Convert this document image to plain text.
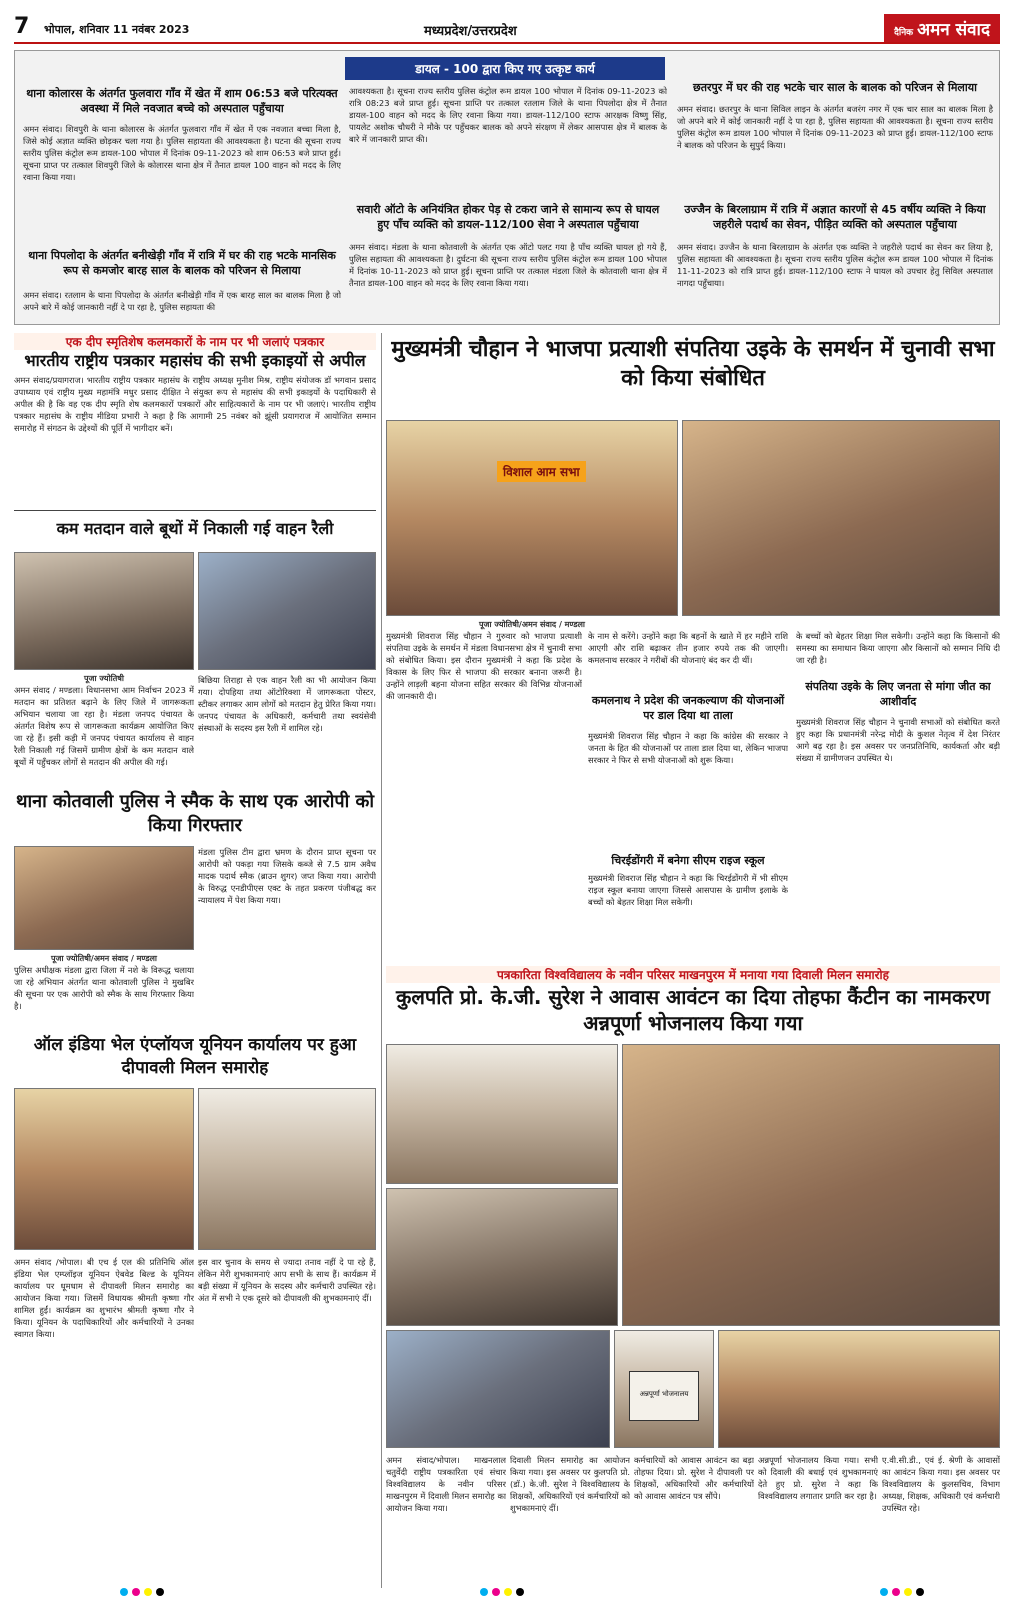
7 भोपाल, शनिवार 11 नवंबर 2023	मध्यप्रदेश/उत्तरप्रदेश	दैनिक अमन संवाद
डायल - 100 द्वारा किए गए उत्कृष्ट कार्य
थाना कोलारस के अंतर्गत फुलवारा गाँव में खेत में शाम 06:53 बजे परित्यक्त अवस्था में मिले नवजात बच्चे को अस्पताल पहुँचाया
अमन संवाद। शिवपुरी के थाना कोलारस के अंतर्गत फुलवारा गाँव में खेत में एक नवजात बच्चा मिला है, जिसे कोई अज्ञात व्यक्ति छोड़कर चला गया है। पुलिस सहायता की आवश्यकता है। घटना की सूचना राज्य स्तरीय पुलिस कंट्रोल रूम डायल-100 भोपाल में दिनांक 09-11-2023 को शाम 06:53 बजे प्राप्त हुई। सूचना प्राप्त पर तत्काल शिवपुरी जिले के कोलारस थाना क्षेत्र में तैनात डायल 100 वाहन को मदद के लिए रवाना किया गया।
थाना पिपलोदा के अंतर्गत बनीखेड़ी गाँव में रात्रि में घर की राह भटके मानसिक रूप से कमजोर बारह साल के बालक को परिजन से मिलाया
अमन संवाद। रतलाम के थाना पिपलोदा के अंतर्गत बनीखेड़ी गाँव में एक बारह साल का बालक मिला है जो अपने बारे में कोई जानकारी नहीं दे पा रहा है, पुलिस सहायता की
आवश्यकता है। सूचना राज्य स्तरीय पुलिस कंट्रोल रूम डायल 100 भोपाल में दिनांक 09-11-2023 को रात्रि 08:23 बजे प्राप्त हुई। सूचना प्राप्ति पर तत्काल रतलाम जिले के थाना पिपलोदा क्षेत्र में तैनात डायल-100 वाहन को मदद के लिए रवाना किया गया। डायल-112/100 स्टाफ आरक्षक विष्णु सिंह, पायलेट अशोक चौधरी ने मौके पर पहुँचकर बालक को अपने संरक्षण में लेकर आसपास क्षेत्र में बालक के बारे में जानकारी प्राप्त की।
सवारी ऑटो के अनियंत्रित होकर पेड़ से टकरा जाने से सामान्य रूप से घायल हुए पाँच व्यक्ति को डायल-112/100 सेवा ने अस्पताल पहुँचाया
अमन संवाद। मंडला के थाना कोतवाली के अंतर्गत एक ऑटो पलट गया है पाँच व्यक्ति घायल हो गये हैं, पुलिस सहायता की आवश्यकता है। दुर्घटना की सूचना राज्य स्तरीय पुलिस कंट्रोल रूम डायल 100 भोपाल में दिनांक 10-11-2023 को प्राप्त हुई। सूचना प्राप्ति पर तत्काल मंडला जिले के कोतवाली थाना क्षेत्र में तैनात डायल-100 वाहन को मदद के लिए रवाना किया गया।
छतरपुर में घर की राह भटके चार साल के बालक को परिजन से मिलाया
अमन संवाद। छतरपुर के थाना सिविल लाइन के अंतर्गत बजरंग नगर में एक चार साल का बालक मिला है जो अपने बारे में कोई जानकारी नहीं दे पा रहा है, पुलिस सहायता की आवश्यकता है। सूचना राज्य स्तरीय पुलिस कंट्रोल रूम डायल 100 भोपाल में दिनांक 09-11-2023 को प्राप्त हुई। डायल-112/100 स्टाफ ने बालक को परिजन के सुपुर्द किया।
उज्जैन के बिरलाग्राम में रात्रि में अज्ञात कारणों से 45 वर्षीय व्यक्ति ने किया जहरीले पदार्थ का सेवन, पीड़ित व्यक्ति को अस्पताल पहुँचाया
अमन संवाद। उज्जैन के थाना बिरलाग्राम के अंतर्गत एक व्यक्ति ने जहरीले पदार्थ का सेवन कर लिया है, पुलिस सहायता की आवश्यकता है। सूचना राज्य स्तरीय पुलिस कंट्रोल रूम डायल 100 भोपाल में दिनांक 11-11-2023 को रात्रि प्राप्त हुई। डायल-112/100 स्टाफ ने घायल को उपचार हेतु सिविल अस्पताल नागदा पहुँचाया।
एक दीप स्मृतिशेष कलमकारों के नाम पर भी जलाएं पत्रकार
भारतीय राष्ट्रीय पत्रकार महासंघ की सभी इकाइयों से अपील
अमन संवाद/प्रयागराज। भारतीय राष्ट्रीय पत्रकार महासंघ के राष्ट्रीय अध्यक्ष मुनीश मिश्र, राष्ट्रीय संयोजक डॉ भगवान प्रसाद उपाध्याय एवं राष्ट्रीय मुख्य महामंत्रि मधुर प्रसाद दीक्षित ने संयुक्त रूप से महासंघ की सभी इकाइयों के पदाधिकारी से अपील की है कि वह एक दीप स्मृति शेष कलमकारों पत्रकारों और साहित्यकारों के नाम पर भी जलाएं। भारतीय राष्ट्रीय पत्रकार महासंघ के राष्ट्रीय मीडिया प्रभारी ने कहा है कि आगामी 25 नवंबर को झूंसी प्रयागराज में आयोजित सम्मान समारोह में संगठन के उद्देश्यों की पूर्ति में भागीदार बनें।
कम मतदान वाले बूथों में निकाली गई वाहन रैली
पूजा ज्योतिषी
अमन संवाद / मण्डला। विधानसभा आम निर्वाचन 2023 में मतदान का प्रतिशत बढ़ाने के लिए जिले में जागरूकता अभियान चलाया जा रहा है। मंडला जनपद पंचायत के अंतर्गत विशेष रूप से जागरूकता कार्यक्रम आयोजित किए जा रहे हैं। इसी कड़ी में जनपद पंचायत कार्यालय से वाहन रैली निकाली गई जिसमें ग्रामीण क्षेत्रों के कम मतदान वाले बूथों में पहुँचकर लोगों से मतदान की अपील की गई।
बिछिया तिराहा से एक वाहन रैली का भी आयोजन किया गया। दोपहिया तथा ऑटोरिक्शा में जागरूकता पोस्टर, स्टीकर लगाकर आम लोगों को मतदान हेतु प्रेरित किया गया। जनपद पंचायत के अधिकारी, कर्मचारी तथा स्वयंसेवी संस्थाओं के सदस्य इस रैली में शामिल रहे।
थाना कोतवाली पुलिस ने स्मैक के साथ एक आरोपी को किया गिरफ्तार
पूजा ज्योतिषी/अमन संवाद / मण्डला
पुलिस अधीक्षक मंडला द्वारा जिला में नशे के विरूद्ध चलाया जा रहे अभियान अंतर्गत थाना कोतवाली पुलिस ने मुखबिर की सूचना पर एक आरोपी को स्मैक के साथ गिरफ्तार किया है।
मंडला पुलिस टीम द्वारा भ्रमण के दौरान प्राप्त सूचना पर आरोपी को पकड़ा गया जिसके कब्जे से 7.5 ग्राम अवैध मादक पदार्थ स्मैक (ब्राउन शुगर) जप्त किया गया। आरोपी के विरुद्ध एनडीपीएस एक्ट के तहत प्रकरण पंजीबद्ध कर न्यायालय में पेश किया गया।
ऑल इंडिया भेल एंप्लॉयज यूनियन कार्यालय पर हुआ दीपावली मिलन समारोह
अमन संवाद /भोपाल। बी एच ई एल की प्रतिनिधि ऑल इंडिया भेल एम्प्लॉइज यूनियन ऐबवेड बिल्ड के यूनियन कार्यालय पर धूमधाम से दीपावली मिलन समारोह का आयोजन किया गया। जिसमें विधायक श्रीमती कृष्णा गौर शामिल हुईं। कार्यक्रम का शुभारंभ श्रीमती कृष्णा गौर ने किया। यूनियन के पदाधिकारियों और कर्मचारियों ने उनका स्वागत किया।
इस वार चुनाव के समय से ज्यादा तनाव नहीं दे पा रहे हैं, लेकिन मेरी शुभकामनाएं आप सभी के साथ हैं। कार्यक्रम में बड़ी संख्या में यूनियन के सदस्य और कर्मचारी उपस्थित रहे। अंत में सभी ने एक दूसरे को दीपावली की शुभकामनाएं दीं।
मुख्यमंत्री चौहान ने भाजपा प्रत्याशी संपतिया उइके के समर्थन में चुनावी सभा को किया संबोधित
विशाल आम सभा
पूजा ज्योतिषी/अमन संवाद / मण्डला
मुख्यमंत्री शिवराज सिंह चौहान ने गुरुवार को भाजपा प्रत्याशी संपतिया उइके के समर्थन में मंडला विधानसभा क्षेत्र में चुनावी सभा को संबोधित किया। इस दौरान मुख्यमंत्री ने कहा कि प्रदेश के विकास के लिए फिर से भाजपा की सरकार बनाना जरूरी है। उन्होंने लाड़ली बहना योजना सहित सरकार की विभिन्न योजनाओं की जानकारी दी।
के नाम से करेंगे। उन्होंने कहा कि बहनों के खाते में हर महीने राशि आएगी और राशि बढ़ाकर तीन हजार रुपये तक की जाएगी। कमलनाथ सरकार ने गरीबों की योजनाएं बंद कर दी थीं।
कमलनाथ ने प्रदेश की जनकल्याण की योजनाओं पर डाल दिया था ताला
मुख्यमंत्री शिवराज सिंह चौहान ने कहा कि कांग्रेस की सरकार ने जनता के हित की योजनाओं पर ताला डाल दिया था, लेकिन भाजपा सरकार ने फिर से सभी योजनाओं को शुरू किया।
चिरईडोंगरी में बनेगा सीएम राइज स्कूल
मुख्यमंत्री शिवराज सिंह चौहान ने कहा कि चिरईडोंगरी में भी सीएम राइज स्कूल बनाया जाएगा जिससे आसपास के ग्रामीण इलाके के बच्चों को बेहतर शिक्षा मिल सकेगी।
के बच्चों को बेहतर शिक्षा मिल सकेगी। उन्होंने कहा कि किसानों की समस्या का समाधान किया जाएगा और किसानों को सम्मान निधि दी जा रही है।
संपतिया उइके के लिए जनता से मांगा जीत का आशीर्वाद
मुख्यमंत्री शिवराज सिंह चौहान ने चुनावी सभाओं को संबोधित करते हुए कहा कि प्रधानमंत्री नरेन्द्र मोदी के कुशल नेतृत्व में देश निरंतर आगे बढ़ रहा है। इस अवसर पर जनप्रतिनिधि, कार्यकर्ता और बड़ी संख्या में ग्रामीणजन उपस्थित थे।
पत्रकारिता विश्वविद्यालय के नवीन परिसर माखनपुरम में मनाया गया दिवाली मिलन समारोह
कुलपति प्रो. के.जी. सुरेश ने आवास आवंटन का दिया तोहफा कैंटीन का नामकरण अन्नपूर्णा भोजनालय किया गया
अन्नपूर्णा भोजनालय
अमन संवाद/भोपाल। माखनलाल चतुर्वेदी राष्ट्रीय पत्रकारिता एवं संचार विश्वविद्यालय के नवीन परिसर माखनपुरम में दिवाली मिलन समारोह का आयोजन किया गया।
दिवाली मिलन समारोह का आयोजन किया गया। इस अवसर पर कुलपति प्रो. (डॉ.) के.जी. सुरेश ने विश्वविद्यालय के शिक्षकों, अधिकारियों एवं कर्मचारियों को शुभकामनाएं दीं।
कर्मचारियों को आवास आवंटन का बड़ा तोहफा दिया। प्रो. सुरेश ने दीपावली पर शिक्षकों, अधिकारियों और कर्मचारियों को आवास आवंटन पत्र सौंपे।
अन्नपूर्णा भोजनालय किया गया। सभी को दिवाली की बधाई एवं शुभकामनाएं देते हुए प्रो. सुरेश ने कहा कि विश्वविद्यालय लगातार प्रगति कर रहा है।
ए.वी.सी.डी., एवं ई. श्रेणी के आवासों का आवंटन किया गया। इस अवसर पर विश्वविद्यालय के कुलसचिव, विभाग अध्यक्ष, शिक्षक, अधिकारी एवं कर्मचारी उपस्थित रहे।
